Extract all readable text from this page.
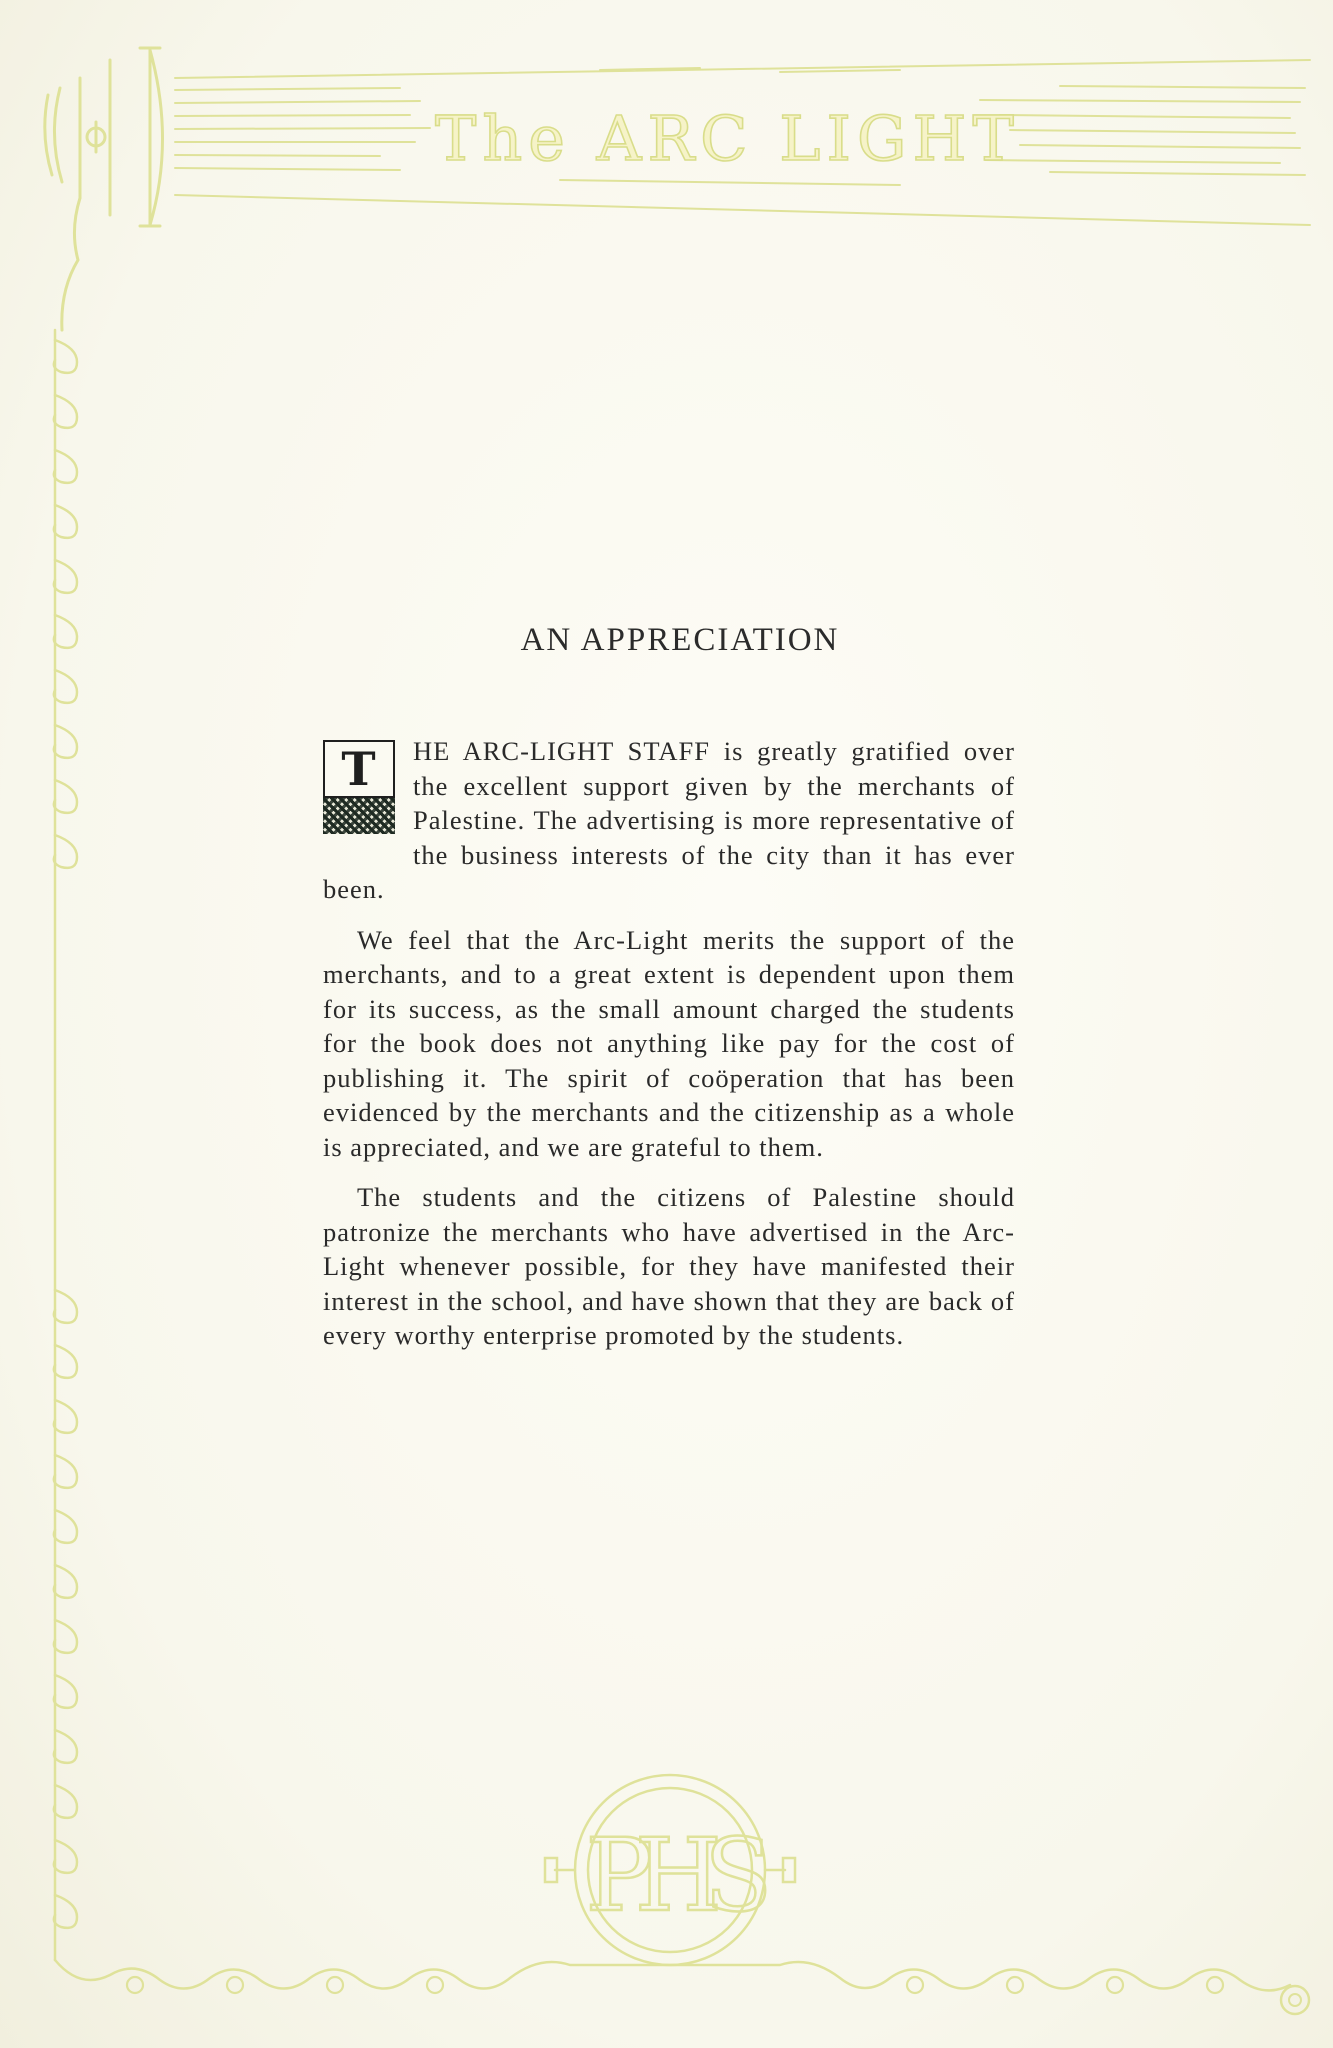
The ARC LIGHT
PHS
AN APPRECIATION

T	HE ARC-LIGHT STAFF is greatly gratified over the excellent support given by the merchants of Palestine. The advertising is more representative of the business interests of the city than it has ever been.

We feel that the Arc-Light merits the support of the merchants, and to a great extent is dependent upon them for its success, as the small amount charged the students for the book does not anything like pay for the cost of publishing it. The spirit of coöperation that has been evidenced by the merchants and the citizenship as a whole is appreciated, and we are grateful to them.

The students and the citizens of Palestine should patronize the merchants who have advertised in the Arc-Light whenever possible, for they have manifested their interest in the school, and have shown that they are back of every worthy enterprise promoted by the students.
